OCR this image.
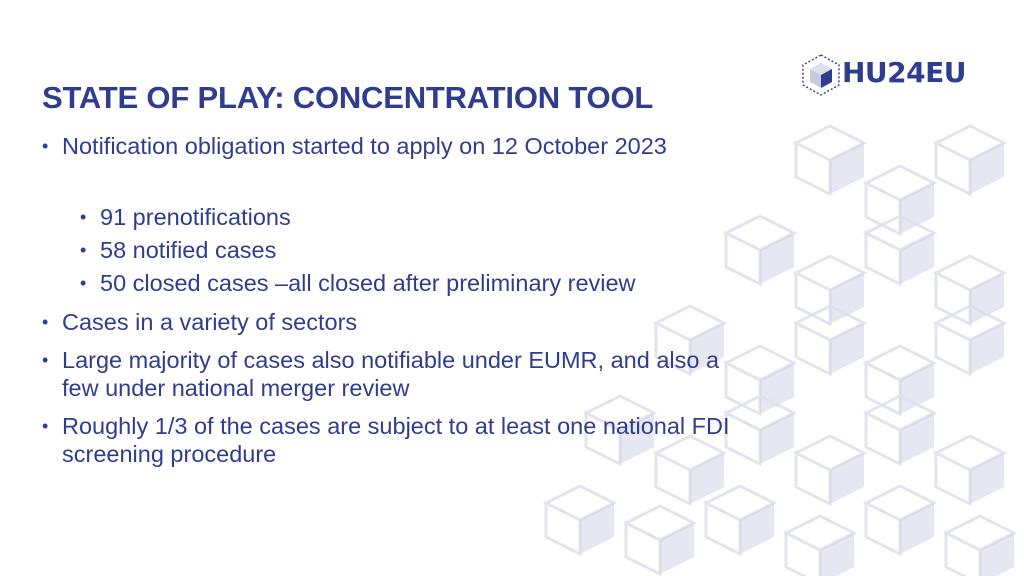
STATE OF PLAY: CONCENTRATION TOOL
• Notification obligation started to apply on 12 October 2023
• 91 prenotifications
• 58 notified cases
• 50 closed cases –all closed after preliminary review
• Cases in a variety of sectors
• Large majority of cases also notifiable under EUMR, and also a few under national merger review
• Roughly 1/3 of the cases are subject to at least one national FDI screening procedure
HU24EU
